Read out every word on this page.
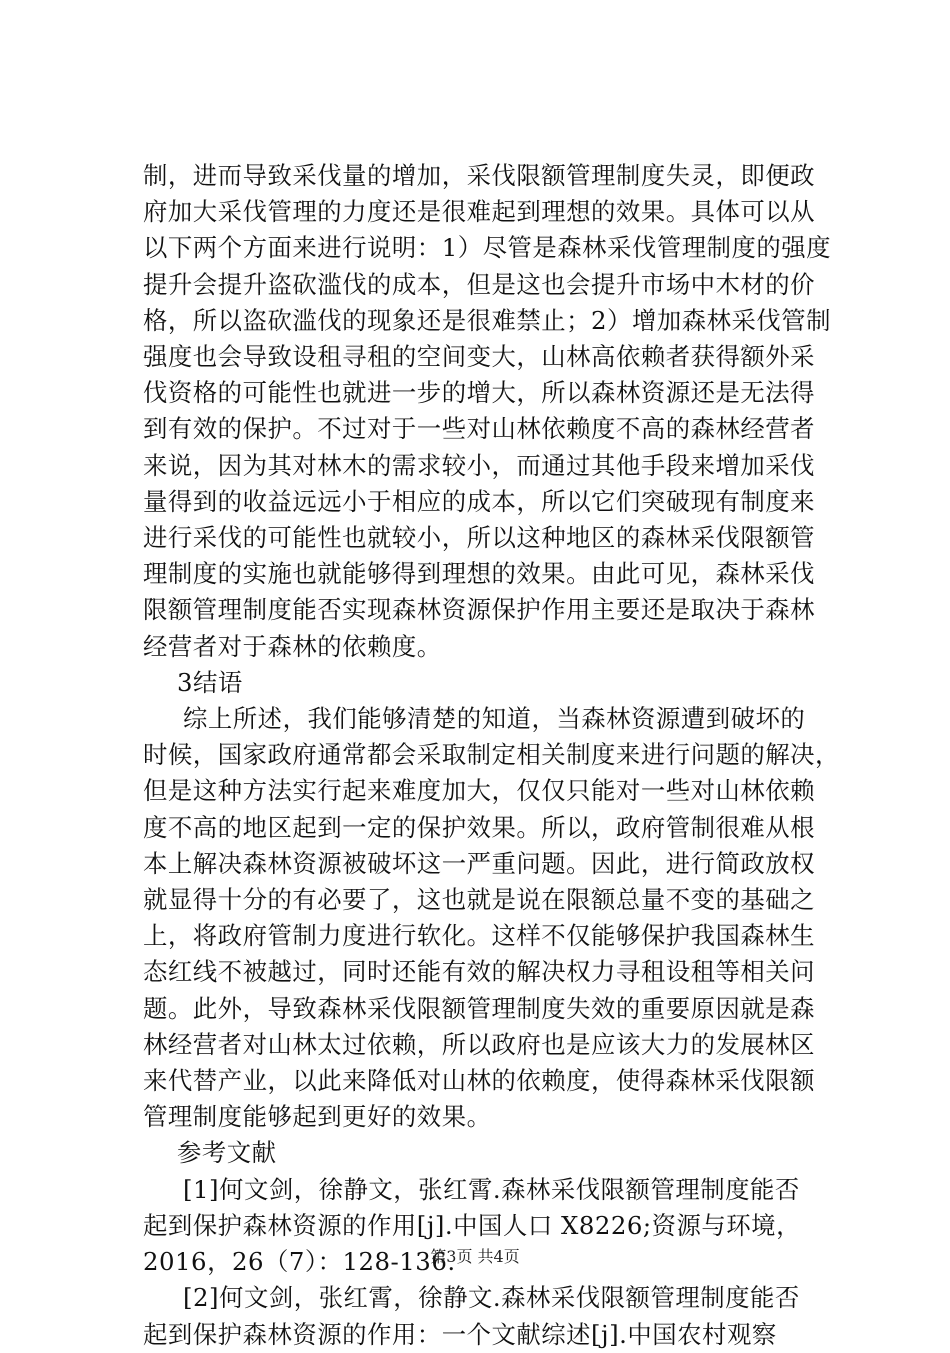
制，进而导致采伐量的增加，采伐限额管理制度失灵，即便政
府加大采伐管理的力度还是很难起到理想的效果。具体可以从
以下两个方面来进行说明：1）尽管是森林采伐管理制度的强度
提升会提升盗砍滥伐的成本，但是这也会提升市场中木材的价
格，所以盗砍滥伐的现象还是很难禁止；2）增加森林采伐管制
强度也会导致设租寻租的空间变大，山林高依赖者获得额外采
伐资格的可能性也就进一步的增大，所以森林资源还是无法得
到有效的保护。不过对于一些对山林依赖度不高的森林经营者
来说，因为其对林木的需求较小，而通过其他手段来增加采伐
量得到的收益远远小于相应的成本，所以它们突破现有制度来
进行采伐的可能性也就较小，所以这种地区的森林采伐限额管
理制度的实施也就能够得到理想的效果。由此可见，森林采伐
限额管理制度能否实现森林资源保护作用主要还是取决于森林
经营者对于森林的依赖度。
3结语
综上所述，我们能够清楚的知道，当森林资源遭到破坏的
时候，国家政府通常都会采取制定相关制度来进行问题的解决，
但是这种方法实行起来难度加大，仅仅只能对一些对山林依赖
度不高的地区起到一定的保护效果。所以，政府管制很难从根
本上解决森林资源被破坏这一严重问题。因此，进行简政放权
就显得十分的有必要了，这也就是说在限额总量不变的基础之
上，将政府管制力度进行软化。这样不仅能够保护我国森林生
态红线不被越过，同时还能有效的解决权力寻租设租等相关问
题。此外，导致森林采伐限额管理制度失效的重要原因就是森
林经营者对山林太过依赖，所以政府也是应该大力的发展林区
来代替产业，以此来降低对山林的依赖度，使得森林采伐限额
管理制度能够起到更好的效果。
参考文献
[1]何文剑，徐静文，张红霄.森林采伐限额管理制度能否
起到保护森林资源的作用[j].中国人口 X8226;资源与环境，
2016，26（7）：128-136.
[2]何文剑，张红霄，徐静文.森林采伐限额管理制度能否
起到保护森林资源的作用：一个文献综述[j].中国农村观察
第3页 共4页
